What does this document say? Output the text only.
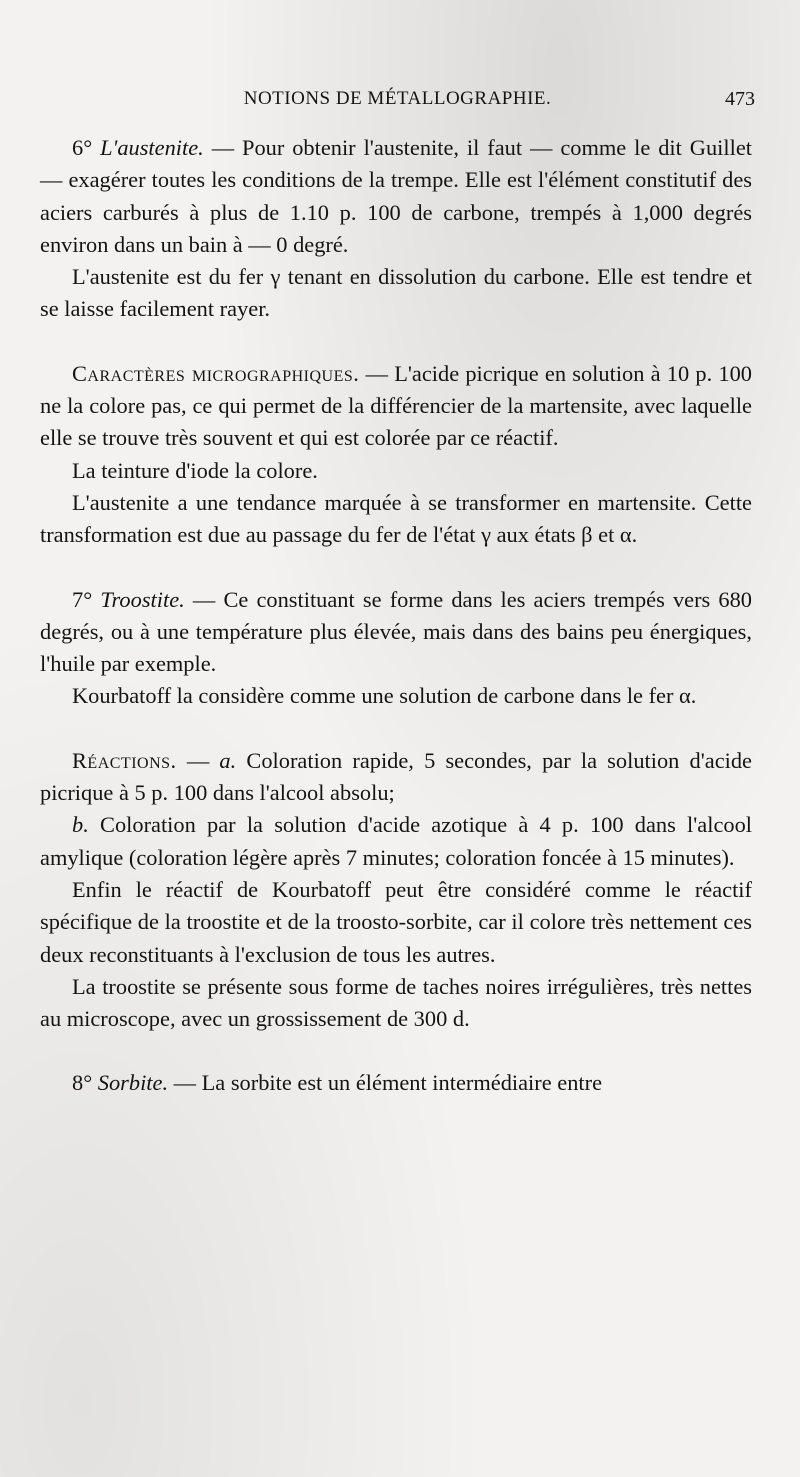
NOTIONS DE MÉTALLOGRAPHIE.	473

6° L'austenite. — Pour obtenir l'austenite, il faut — comme le dit Guillet — exagérer toutes les conditions de la trempe. Elle est l'élément constitutif des aciers carburés à plus de 1.10 p. 100 de carbone, trempés à 1,000 degrés environ dans un bain à — 0 degré.

L'austenite est du fer γ tenant en dissolution du carbone. Elle est tendre et se laisse facilement rayer.

Caractères micrographiques. — L'acide picrique en solution à 10 p. 100 ne la colore pas, ce qui permet de la différencier de la martensite, avec laquelle elle se trouve très souvent et qui est colorée par ce réactif.

La teinture d'iode la colore.

L'austenite a une tendance marquée à se transformer en martensite. Cette transformation est due au passage du fer de l'état γ aux états β et α.

7° Troostite. — Ce constituant se forme dans les aciers trempés vers 680 degrés, ou à une température plus élevée, mais dans des bains peu énergiques, l'huile par exemple.

Kourbatoff la considère comme une solution de carbone dans le fer α.

Réactions. — a. Coloration rapide, 5 secondes, par la solution d'acide picrique à 5 p. 100 dans l'alcool absolu;

b. Coloration par la solution d'acide azotique à 4 p. 100 dans l'alcool amylique (coloration légère après 7 minutes; coloration foncée à 15 minutes).

Enfin le réactif de Kourbatoff peut être considéré comme le réactif spécifique de la troostite et de la troosto-sorbite, car il colore très nettement ces deux reconstituants à l'exclusion de tous les autres.

La troostite se présente sous forme de taches noires irrégulières, très nettes au microscope, avec un grossissement de 300 d.

8° Sorbite. — La sorbite est un élément intermédiaire entre
